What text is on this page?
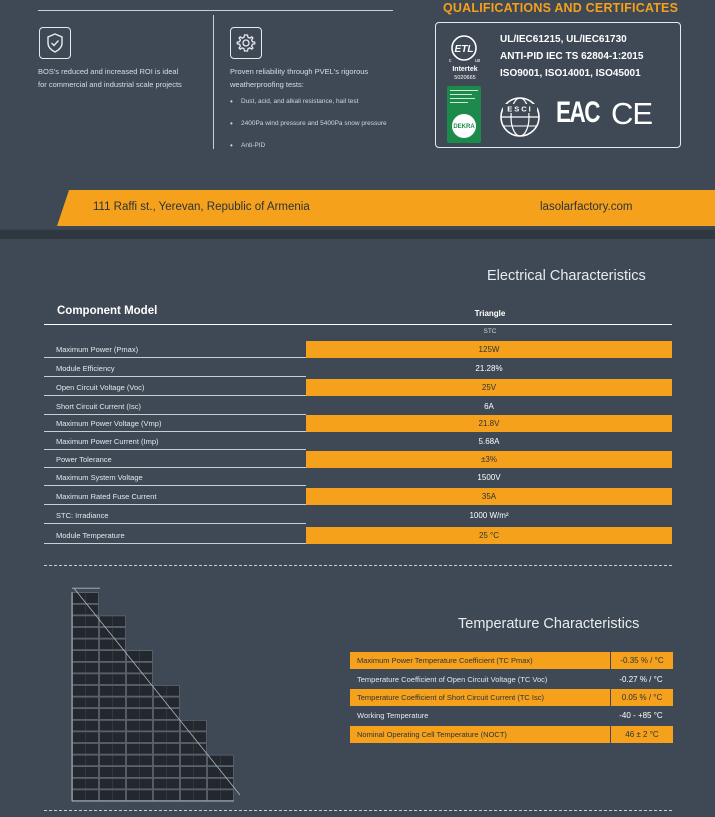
BOS's reduced and increased ROI is ideal for commercial and industrial scale projects
Proven reliability through PVEL's rigorous weatherproofing tests:
• Dust, acid, and alkali resistance, hail test
• 2400Pa wind pressure and 5400Pa snow pressure
• Anti-PID
QUALIFICATIONS AND CERTIFICATES
ETL
c	us
Intertek
5020665
DEKRA
UL/IEC61215, UL/IEC61730
ANTI-PID IEC TS 62804-1:2015
ISO9001, ISO14001, ISO45001
ESCI EAC CE
111 Raffi st., Yerevan, Republic of Armenia	lasolarfactory.com
Electrical Characteristics
Component Model	Triangle
STC
Maximum Power (Pmax)	125W
Module Efficiency	21.28%
Open Circuit Voltage (Voc)	25V
Short Circuit Current (Isc)	6A
Maximum Power Voltage (Vmp)	21.8V
Maximum Power Current (Imp)	5.68A
Power Tolerance	±3%
Maximum System Voltage	1500V
Maximum Rated Fuse Current	35A
STC: Irradiance	1000 W/m²
Module Temperature	25 °C
Temperature Characteristics
Maximum Power Temperature Coefficient (TC Pmax)	-0.35 % / °C
Temperature Coefficient of Open Circuit Voltage (TC Voc)	-0.27 % / °C
Temperature Coefficient of Short Circuit Current (TC Isc)	0.05 % / °C
Working Temperature	-40 - +85 °C
Nominal Operating Cell Temperature (NOCT)	46 ± 2 °C
